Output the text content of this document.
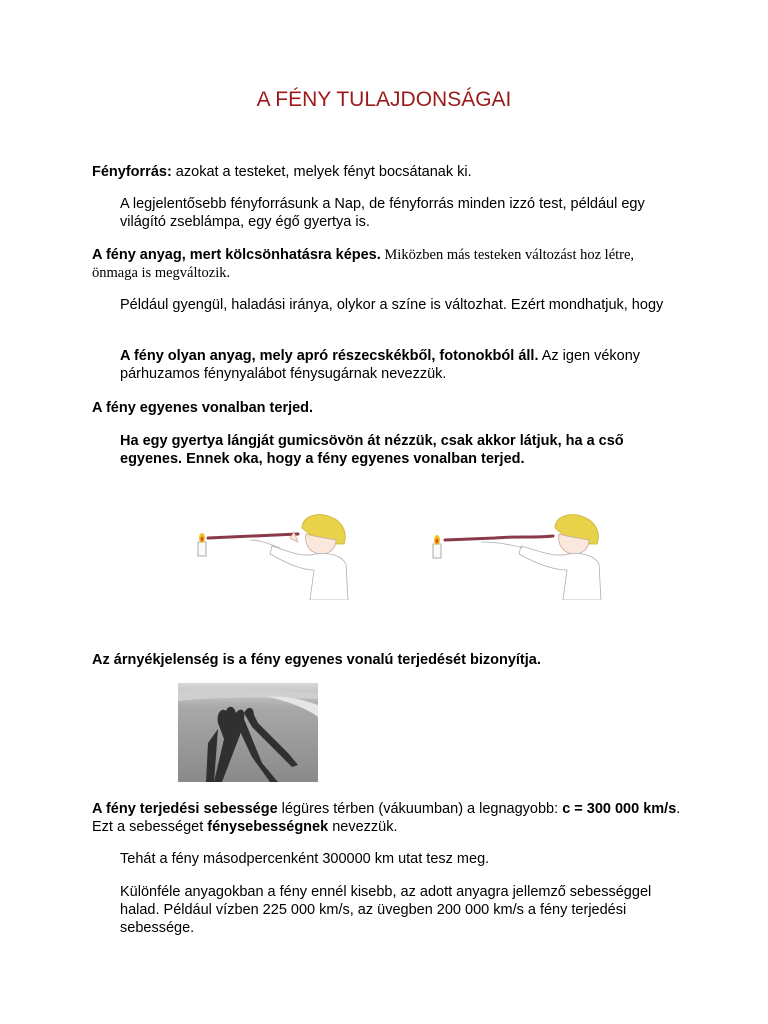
A FÉNY TULAJDONSÁGAI

Fényforrás: azokat a testeket, melyek fényt bocsátanak ki.

A legjelentősebb fényforrásunk a Nap, de fényforrás minden izzó test, például egy világító zseblámpa, egy égő gyertya is.

A fény anyag, mert kölcsönhatásra képes. Miközben más testeken változást hoz létre, önmaga is megváltozik.

Például gyengül, haladási iránya, olykor a színe is változhat. Ezért mondhatjuk, hogy

A fény olyan anyag, mely apró részecskékből, fotonokból áll. Az igen vékony párhuzamos fénynyalábot fénysugárnak nevezzük.

A fény egyenes vonalban terjed.

Ha egy gyertya lángját gumicsövön át nézzük, csak akkor látjuk, ha a cső egyenes. Ennek oka, hogy a fény egyenes vonalban terjed.

Az árnyékjelenség is a fény egyenes vonalú terjedését bizonyítja.

A fény terjedési sebessége légüres térben (vákuumban) a legnagyobb: c = 300 000 km/s. Ezt a sebességet fénysebességnek nevezzük.

Tehát a fény másodpercenként 300000 km utat tesz meg.

Különféle anyagokban a fény ennél kisebb, az adott anyagra jellemző sebességgel halad. Például vízben 225 000 km/s, az üvegben 200 000 km/s a fény terjedési sebessége.
